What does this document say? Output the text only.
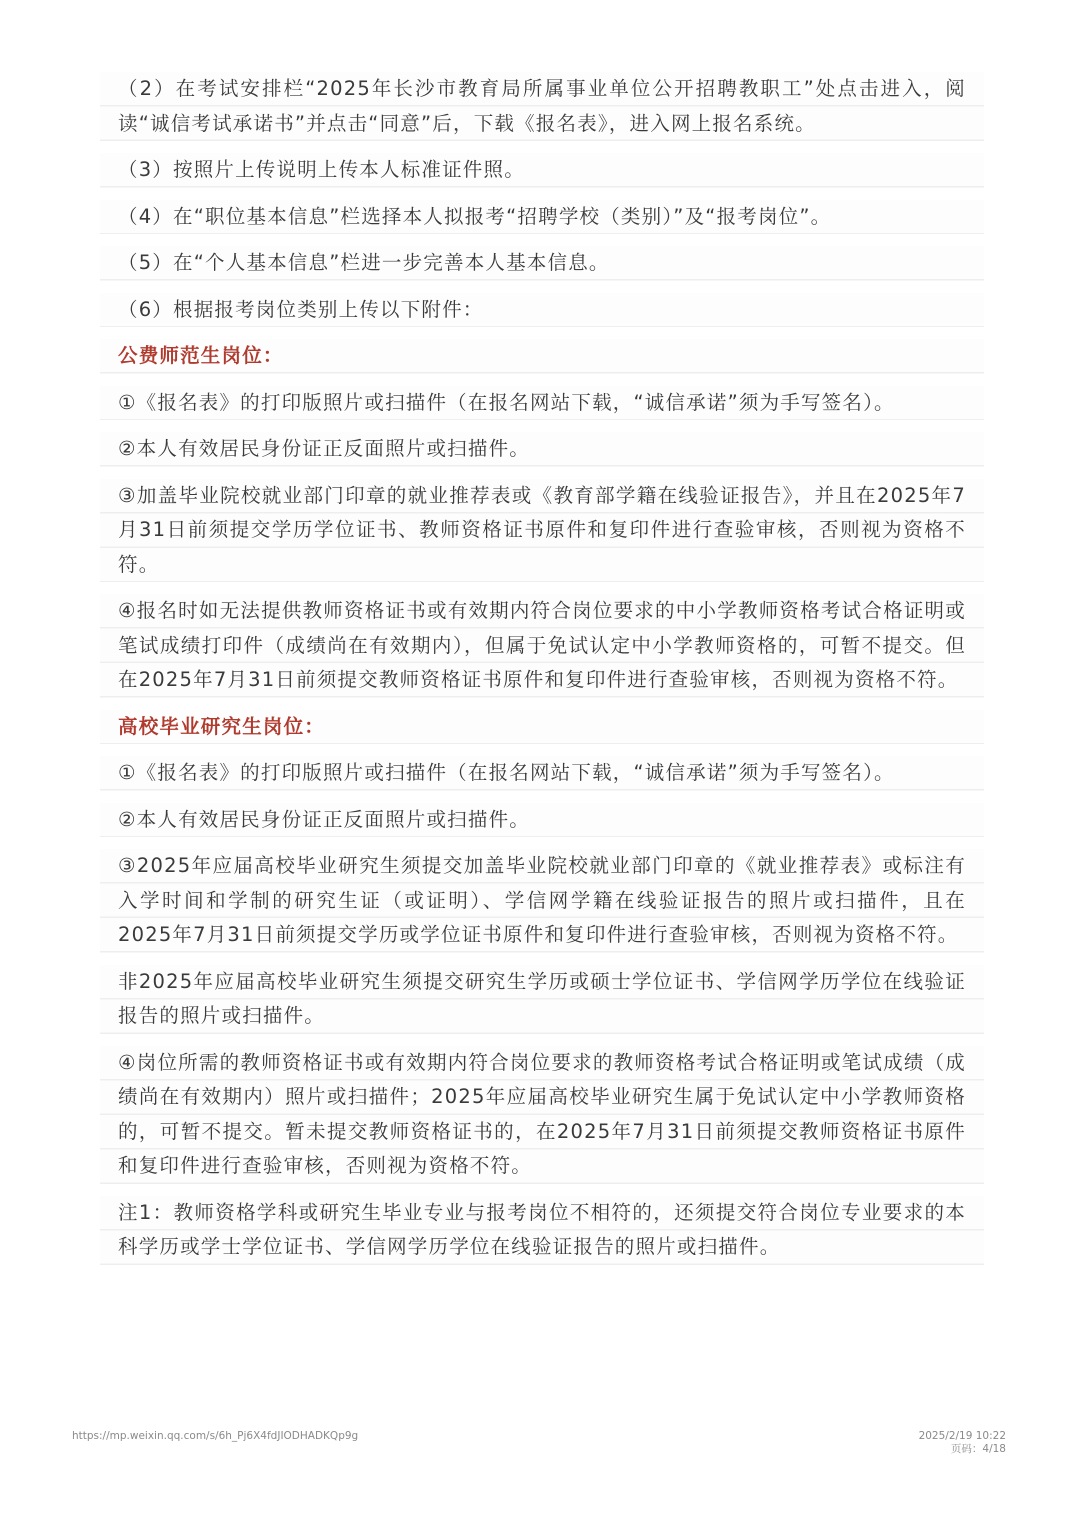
（2）在考试安排栏“2025年长沙市教育局所属事业单位公开招聘教职工”处点击进入，阅读“诚信考试承诺书”并点击“同意”后，下载《报名表》，进入网上报名系统。

（3）按照片上传说明上传本人标准证件照。

（4）在“职位基本信息”栏选择本人拟报考“招聘学校（类别）”及“报考岗位”。

（5）在“个人基本信息”栏进一步完善本人基本信息。

（6）根据报考岗位类别上传以下附件：

公费师范生岗位：

①《报名表》的打印版照片或扫描件（在报名网站下载，“诚信承诺”须为手写签名）。

②本人有效居民身份证正反面照片或扫描件。

③加盖毕业院校就业部门印章的就业推荐表或《教育部学籍在线验证报告》，并且在2025年7月31日前须提交学历学位证书、教师资格证书原件和复印件进行查验审核，否则视为资格不符。

④报名时如无法提供教师资格证书或有效期内符合岗位要求的中小学教师资格考试合格证明或笔试成绩打印件（成绩尚在有效期内），但属于免试认定中小学教师资格的，可暂不提交。但在2025年7月31日前须提交教师资格证书原件和复印件进行查验审核，否则视为资格不符。

高校毕业研究生岗位：

①《报名表》的打印版照片或扫描件（在报名网站下载，“诚信承诺”须为手写签名）。

②本人有效居民身份证正反面照片或扫描件。

③2025年应届高校毕业研究生须提交加盖毕业院校就业部门印章的《就业推荐表》或标注有入学时间和学制的研究生证（或证明）、学信网学籍在线验证报告的照片或扫描件，且在2025年7月31日前须提交学历或学位证书原件和复印件进行查验审核，否则视为资格不符。

非2025年应届高校毕业研究生须提交研究生学历或硕士学位证书、学信网学历学位在线验证报告的照片或扫描件。

④岗位所需的教师资格证书或有效期内符合岗位要求的教师资格考试合格证明或笔试成绩（成绩尚在有效期内）照片或扫描件；2025年应届高校毕业研究生属于免试认定中小学教师资格的，可暂不提交。暂未提交教师资格证书的，在2025年7月31日前须提交教师资格证书原件和复印件进行查验审核，否则视为资格不符。

注1：教师资格学科或研究生毕业专业与报考岗位不相符的，还须提交符合岗位专业要求的本科学历或学士学位证书、学信网学历学位在线验证报告的照片或扫描件。

https://mp.weixin.qq.com/s/6h_Pj6X4fdJIODHADKQp9g	2025/2/19 10:22
页码：4/18
